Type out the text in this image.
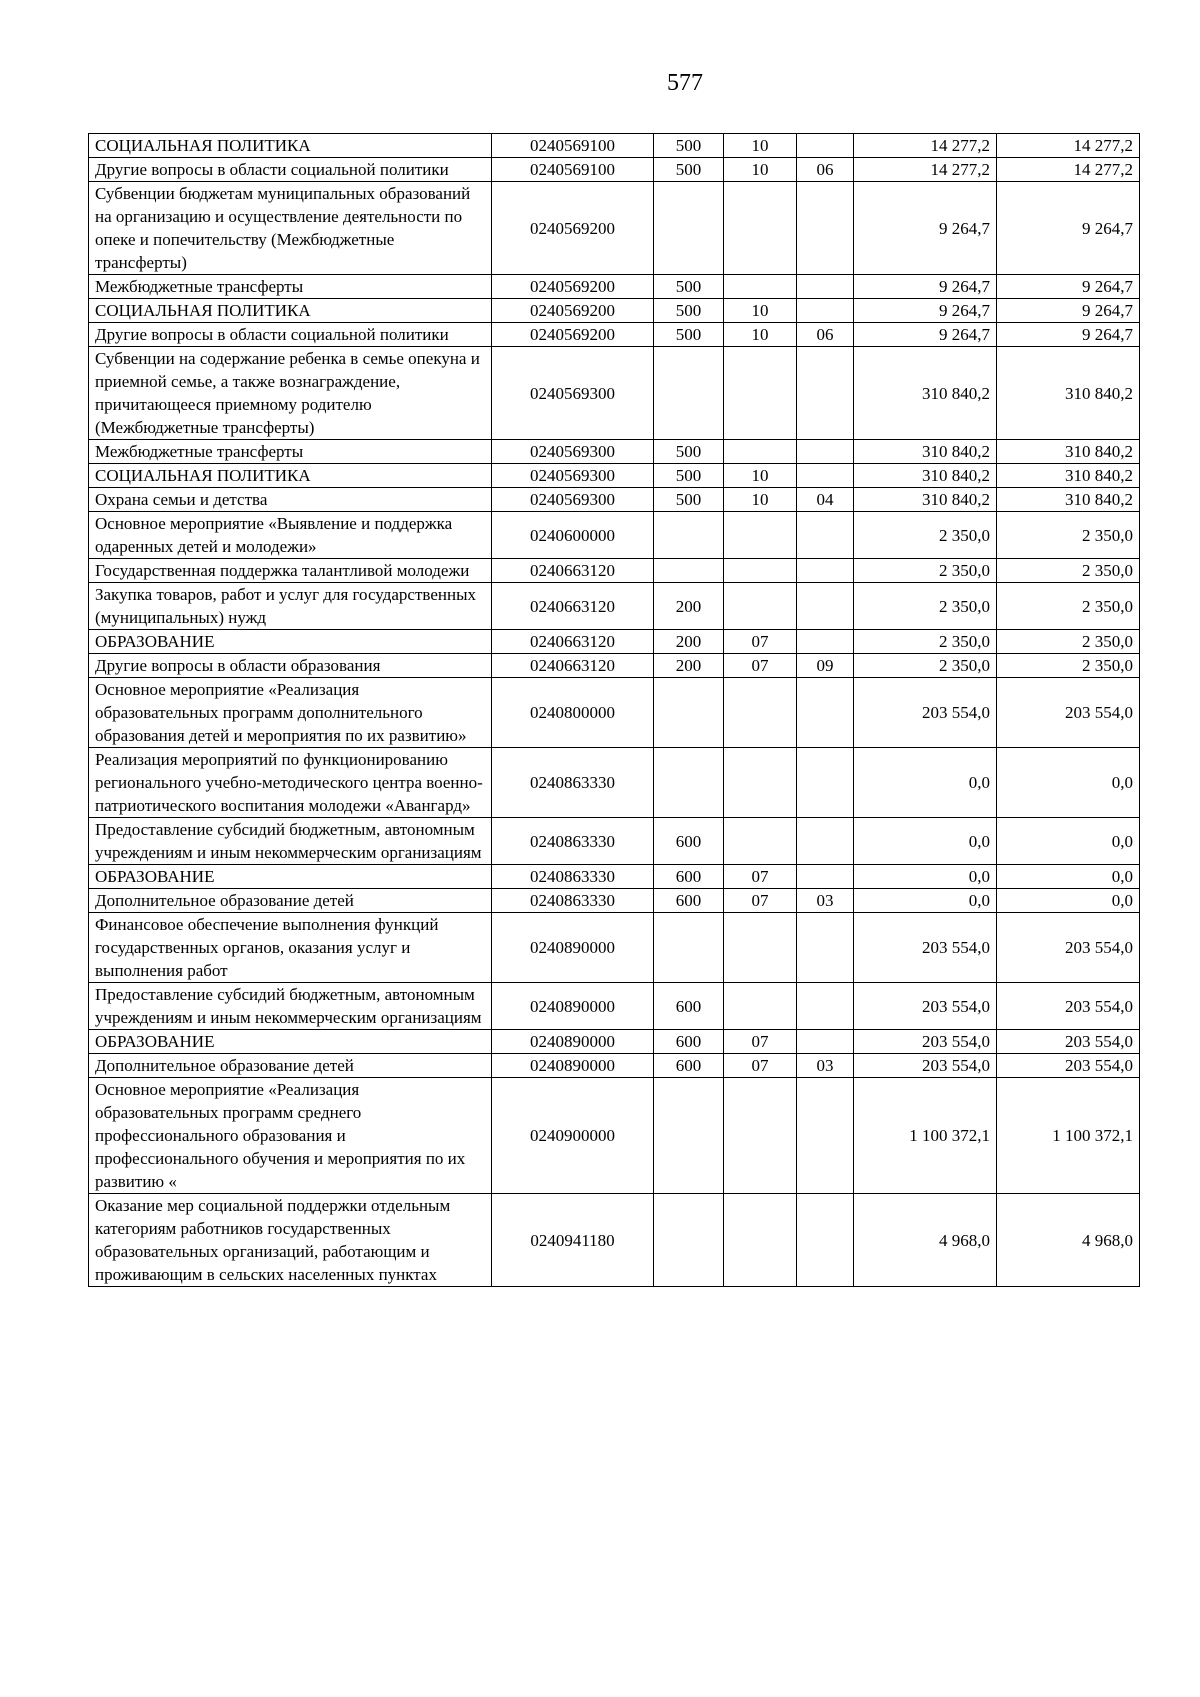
577
СОЦИАЛЬНАЯ ПОЛИТИКА	0240569100	500	10		14 277,2	14 277,2
Другие вопросы в области социальной политики	0240569100	500	10	06	14 277,2	14 277,2
Субвенции бюджетам муниципальных образований на организацию и осуществление деятельности по опеке и попечительству (Межбюджетные трансферты)	0240569200				9 264,7	9 264,7
Межбюджетные трансферты	0240569200	500			9 264,7	9 264,7
СОЦИАЛЬНАЯ ПОЛИТИКА	0240569200	500	10		9 264,7	9 264,7
Другие вопросы в области социальной политики	0240569200	500	10	06	9 264,7	9 264,7
Субвенции на содержание ребенка в семье опекуна и приемной семье, а также вознаграждение, причитающееся приемному родителю (Межбюджетные трансферты)	0240569300				310 840,2	310 840,2
Межбюджетные трансферты	0240569300	500			310 840,2	310 840,2
СОЦИАЛЬНАЯ ПОЛИТИКА	0240569300	500	10		310 840,2	310 840,2
Охрана семьи и детства	0240569300	500	10	04	310 840,2	310 840,2
Основное мероприятие «Выявление и поддержка одаренных детей и молодежи»	0240600000				2 350,0	2 350,0
Государственная поддержка талантливой молодежи	0240663120				2 350,0	2 350,0
Закупка товаров, работ и услуг для государственных (муниципальных) нужд	0240663120	200			2 350,0	2 350,0
ОБРАЗОВАНИЕ	0240663120	200	07		2 350,0	2 350,0
Другие вопросы в области образования	0240663120	200	07	09	2 350,0	2 350,0
Основное мероприятие «Реализация образовательных программ дополнительного образования детей и мероприятия по их развитию»	0240800000				203 554,0	203 554,0
Реализация мероприятий по функционированию регионального учебно-методического центра военно-патриотического воспитания молодежи «Авангард»	0240863330				0,0	0,0
Предоставление субсидий бюджетным, автономным учреждениям и иным некоммерческим организациям	0240863330	600			0,0	0,0
ОБРАЗОВАНИЕ	0240863330	600	07		0,0	0,0
Дополнительное образование детей	0240863330	600	07	03	0,0	0,0
Финансовое обеспечение выполнения функций государственных органов, оказания услуг и выполнения работ	0240890000				203 554,0	203 554,0
Предоставление субсидий бюджетным, автономным учреждениям и иным некоммерческим организациям	0240890000	600			203 554,0	203 554,0
ОБРАЗОВАНИЕ	0240890000	600	07		203 554,0	203 554,0
Дополнительное образование детей	0240890000	600	07	03	203 554,0	203 554,0
Основное мероприятие «Реализация образовательных программ среднего профессионального образования и профессионального обучения и мероприятия по их развитию «	0240900000				1 100 372,1	1 100 372,1
Оказание мер социальной поддержки отдельным категориям работников государственных образовательных организаций, работающим и проживающим в сельских населенных пунктах	0240941180				4 968,0	4 968,0
